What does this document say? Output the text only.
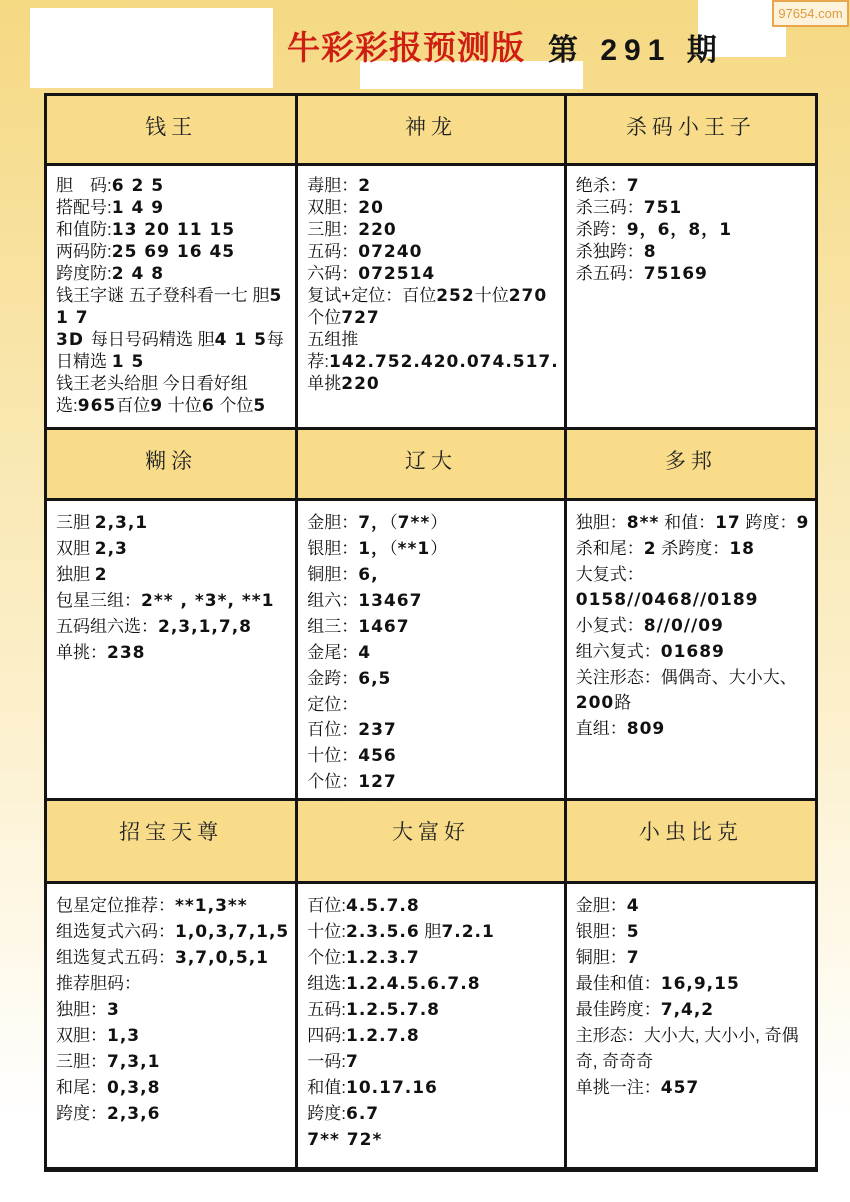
97654.com
牛彩彩报预测版 第 291 期
钱王	神龙	杀码小王子
胆　码:6 2 5
搭配号:1 4 9
和值防:13 20 11 15
两码防:25 69 16 45
跨度防:2 4 8
钱王字谜 五子登科看一七 胆5 1 7
3D 每日号码精选 胆4 1 5每日精选 1 5
钱王老头给胆 今日看好组选:965百位9 十位6 个位5
毒胆：2
双胆：20
三胆：220
五码：07240
六码：072514
复试+定位：百位252十位270个位727
五组推荐:142.752.420.074.517.
单挑220
绝杀：7
杀三码：751
杀跨：9，6，8，1
杀独跨：8
杀五码：75169
糊涂	辽大	多邦
三胆 2,3,1
双胆 2,3
独胆 2
包星三组：2** , *3*, **1
五码组六选：2,3,1,7,8
单挑：238
金胆：7，（7**）
银胆：1，（**1）
铜胆：6,
组六：13467
组三：1467
金尾：4
金跨：6,5
定位：
百位：237
十位：456
个位：127
独胆：8** 和值：17 跨度：9 杀和尾：2 杀跨度：18
大复式：0158//0468//0189
小复式：8//0//09
组六复式：01689
关注形态：偶偶奇、大小大、200路
直组：809
招宝天尊	大富好	小虫比克
包星定位推荐：**1,3**
组选复式六码：1,0,3,7,1,5
组选复式五码：3,7,0,5,1
推荐胆码：
独胆：3
双胆：1,3
三胆：7,3,1
和尾：0,3,8
跨度：2,3,6
百位:4.5.7.8
十位:2.3.5.6 胆7.2.1
个位:1.2.3.7
组选:1.2.4.5.6.7.8
五码:1.2.5.7.8
四码:1.2.7.8
一码:7
和值:10.17.16
跨度:6.7
7** 72*
金胆：4
银胆：5
铜胆：7
最佳和值：16,9,15
最佳跨度：7,4,2
主形态：大小大, 大小小, 奇偶奇, 奇奇奇
单挑一注：457
